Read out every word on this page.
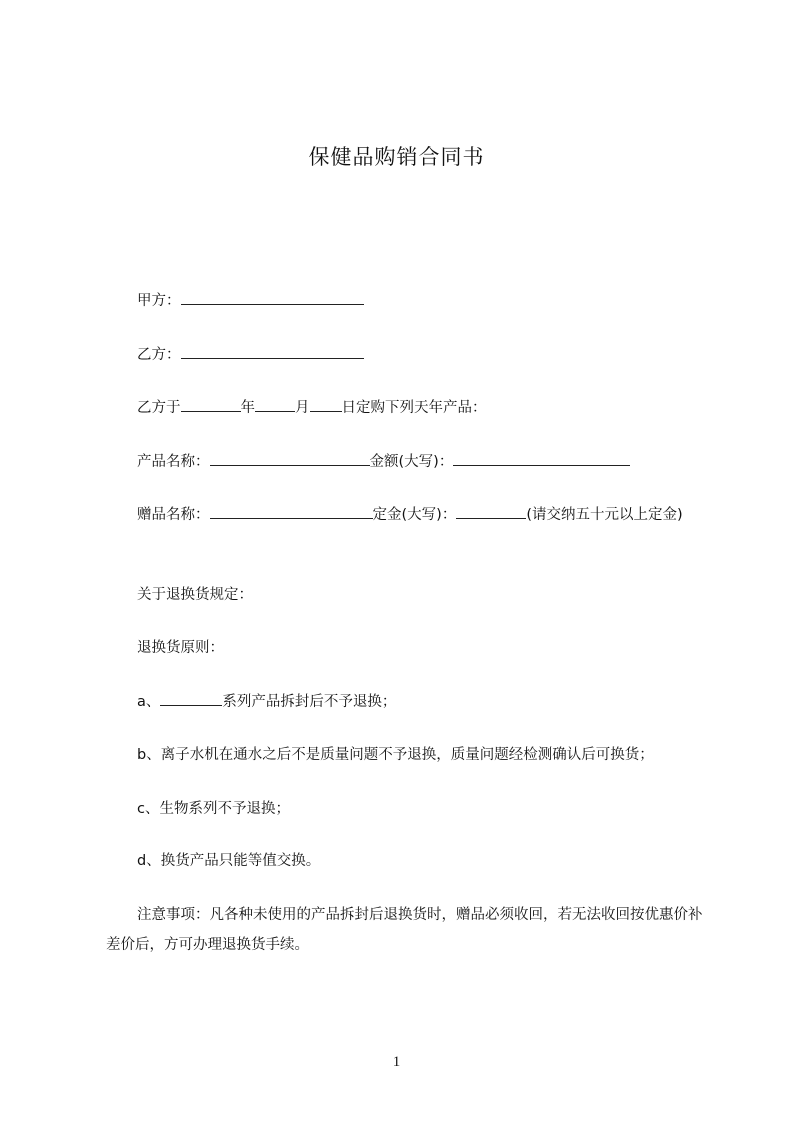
保健品购销合同书
甲方：
乙方：
乙方于	年	月 日定购下列天年产品：
产品名称：	金额(大写)：
赠品名称：	定金(大写)：	(请交纳五十元以上定金)
关于退换货规定：
退换货原则：
a、	系列产品拆封后不予退换；
b、离子水机在通水之后不是质量问题不予退换，质量问题经检测确认后可换货；
c、生物系列不予退换；
d、换货产品只能等值交换。
注意事项：凡各种未使用的产品拆封后退换货时，赠品必须收回，若无法收回按优惠价补差价后，方可办理退换货手续。
1
